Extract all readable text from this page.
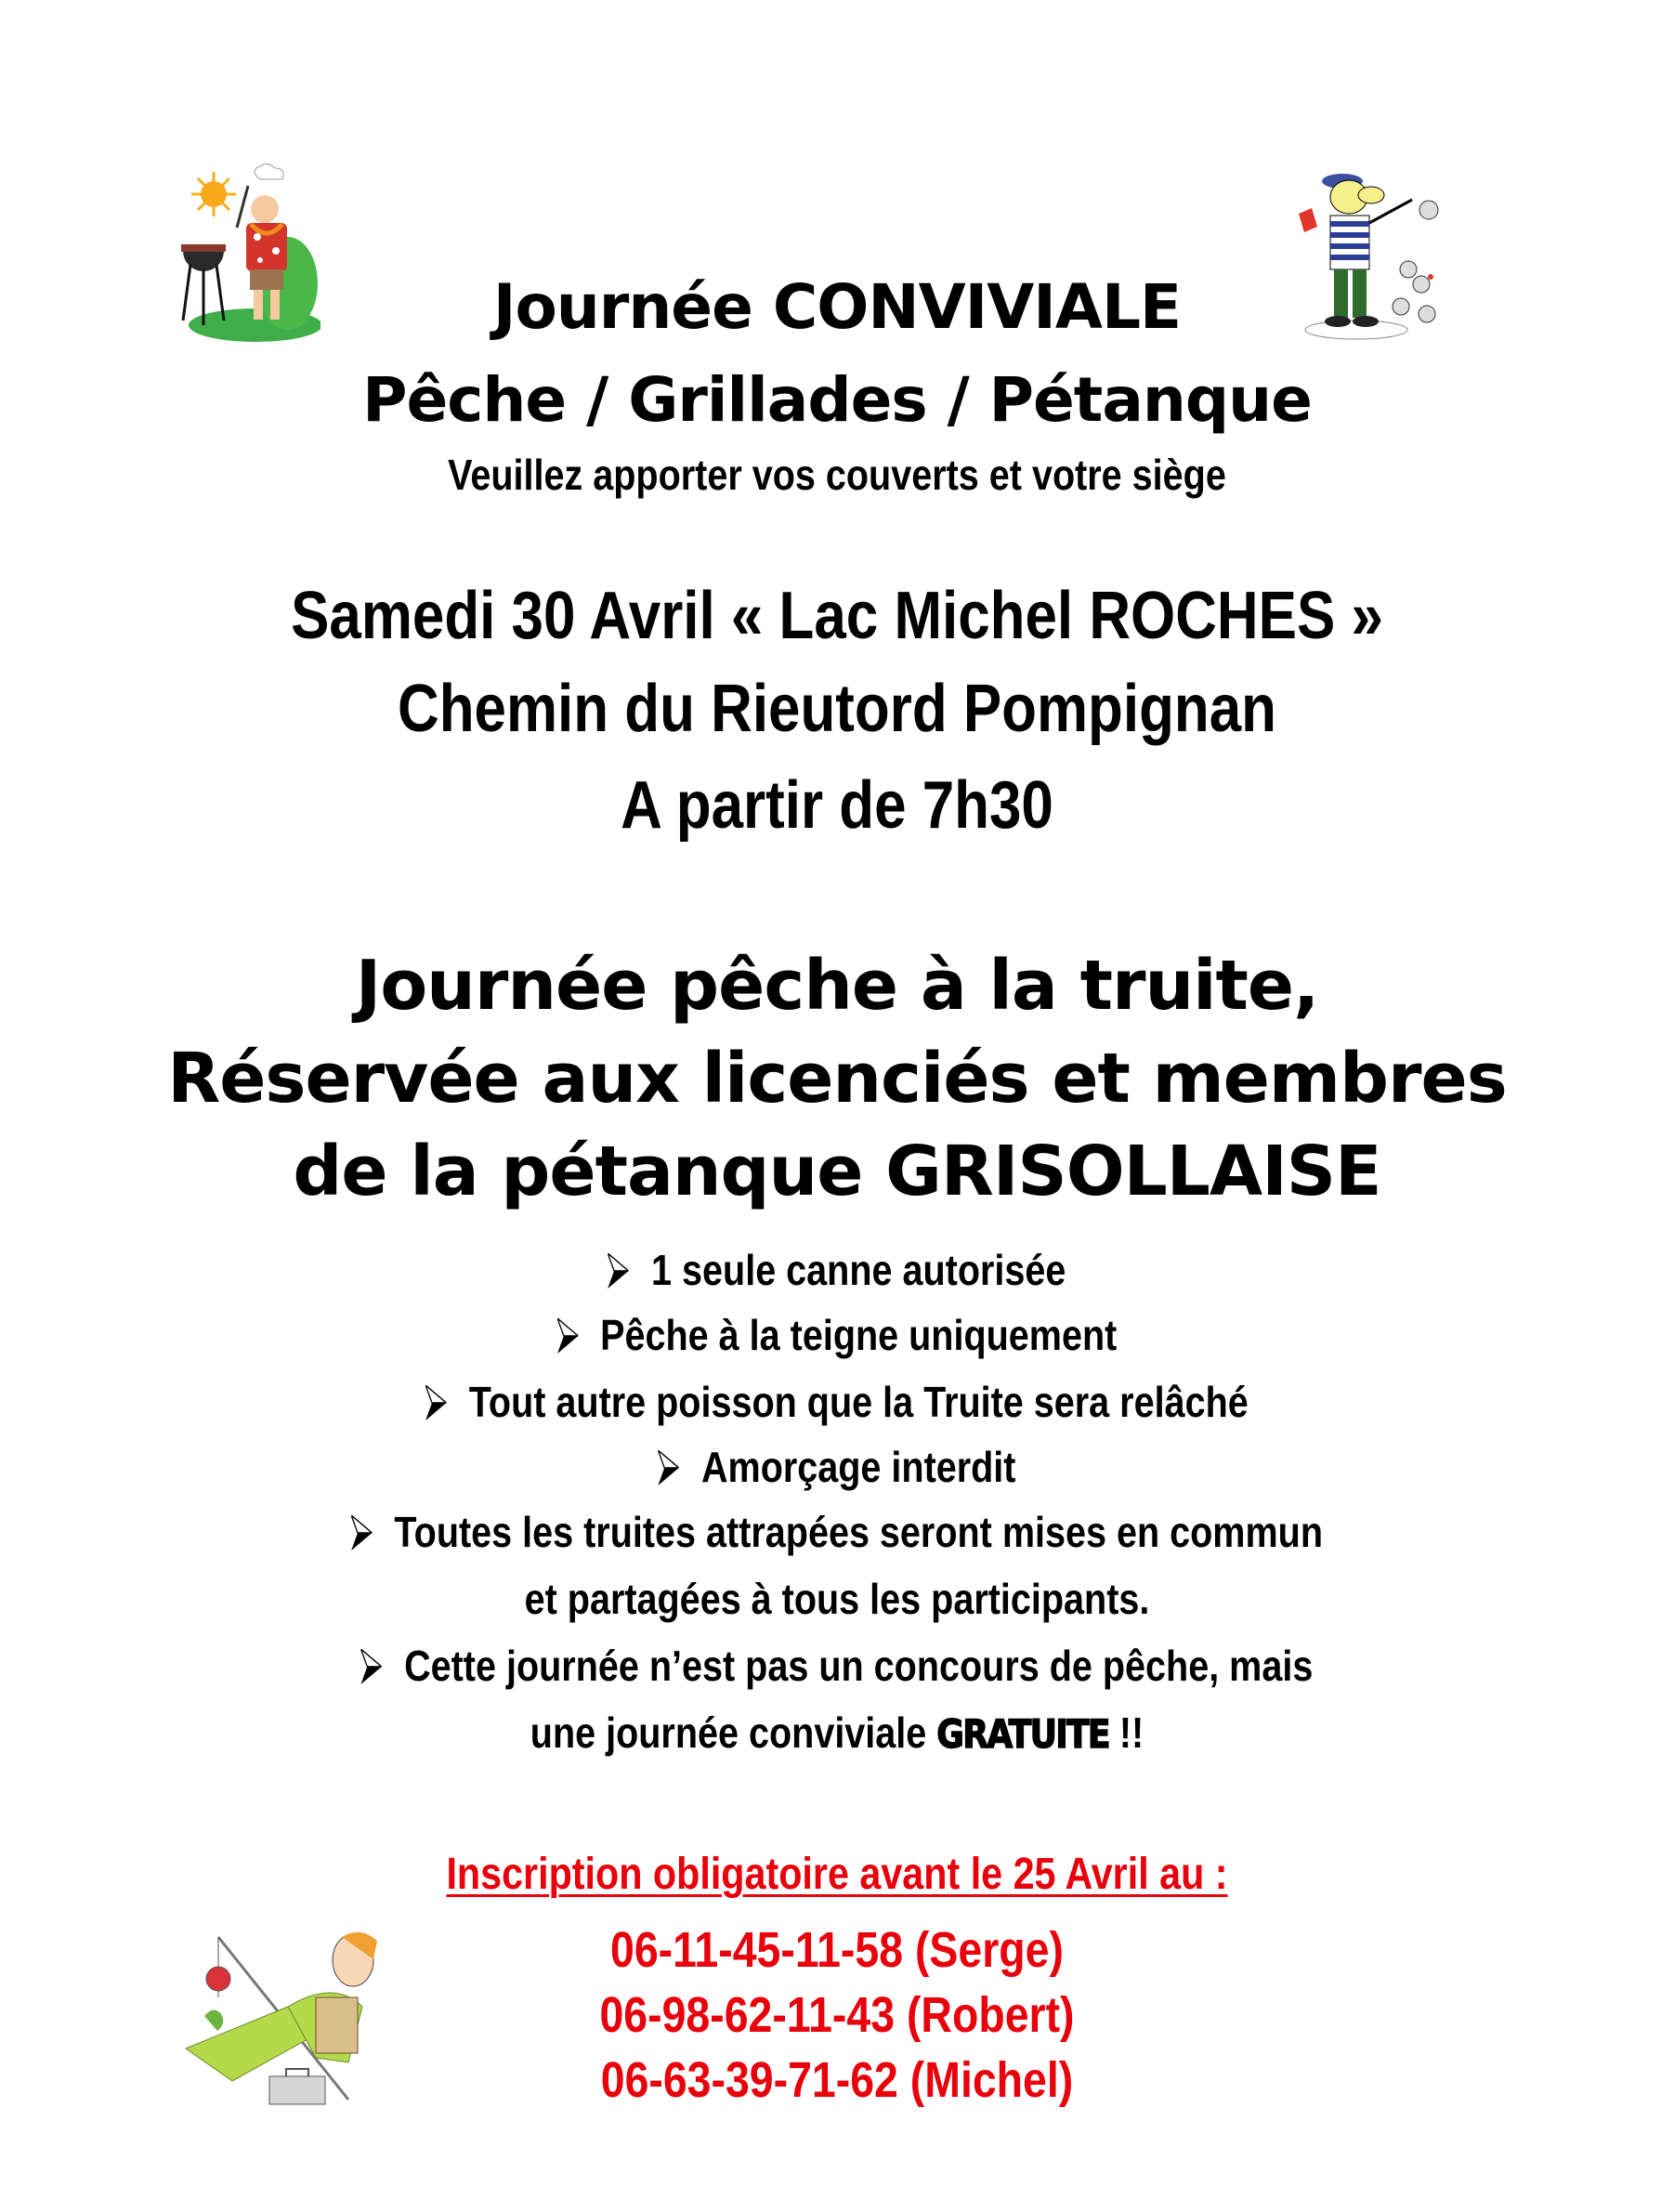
Journée CONVIVIALE
Pêche / Grillades / Pétanque
Veuillez apporter vos couverts et votre siège
Samedi 30 Avril « Lac Michel ROCHES »
Chemin du Rieutord Pompignan
A partir de 7h30
Journée pêche à la truite,
Réservée aux licenciés et membres
de la pétanque GRISOLLAISE
1 seule canne autorisée
Pêche à la teigne uniquement
Tout autre poisson que la Truite sera relâché
Amorçage interdit
Toutes les truites attrapées seront mises en commun
et partagées à tous les participants.
Cette journée n’est pas un concours de pêche, mais
une journée conviviale GRATUITE !!
Inscription obligatoire avant le 25 Avril au :
06-11-45-11-58 (Serge)
06-98-62-11-43 (Robert)
06-63-39-71-62 (Michel)
